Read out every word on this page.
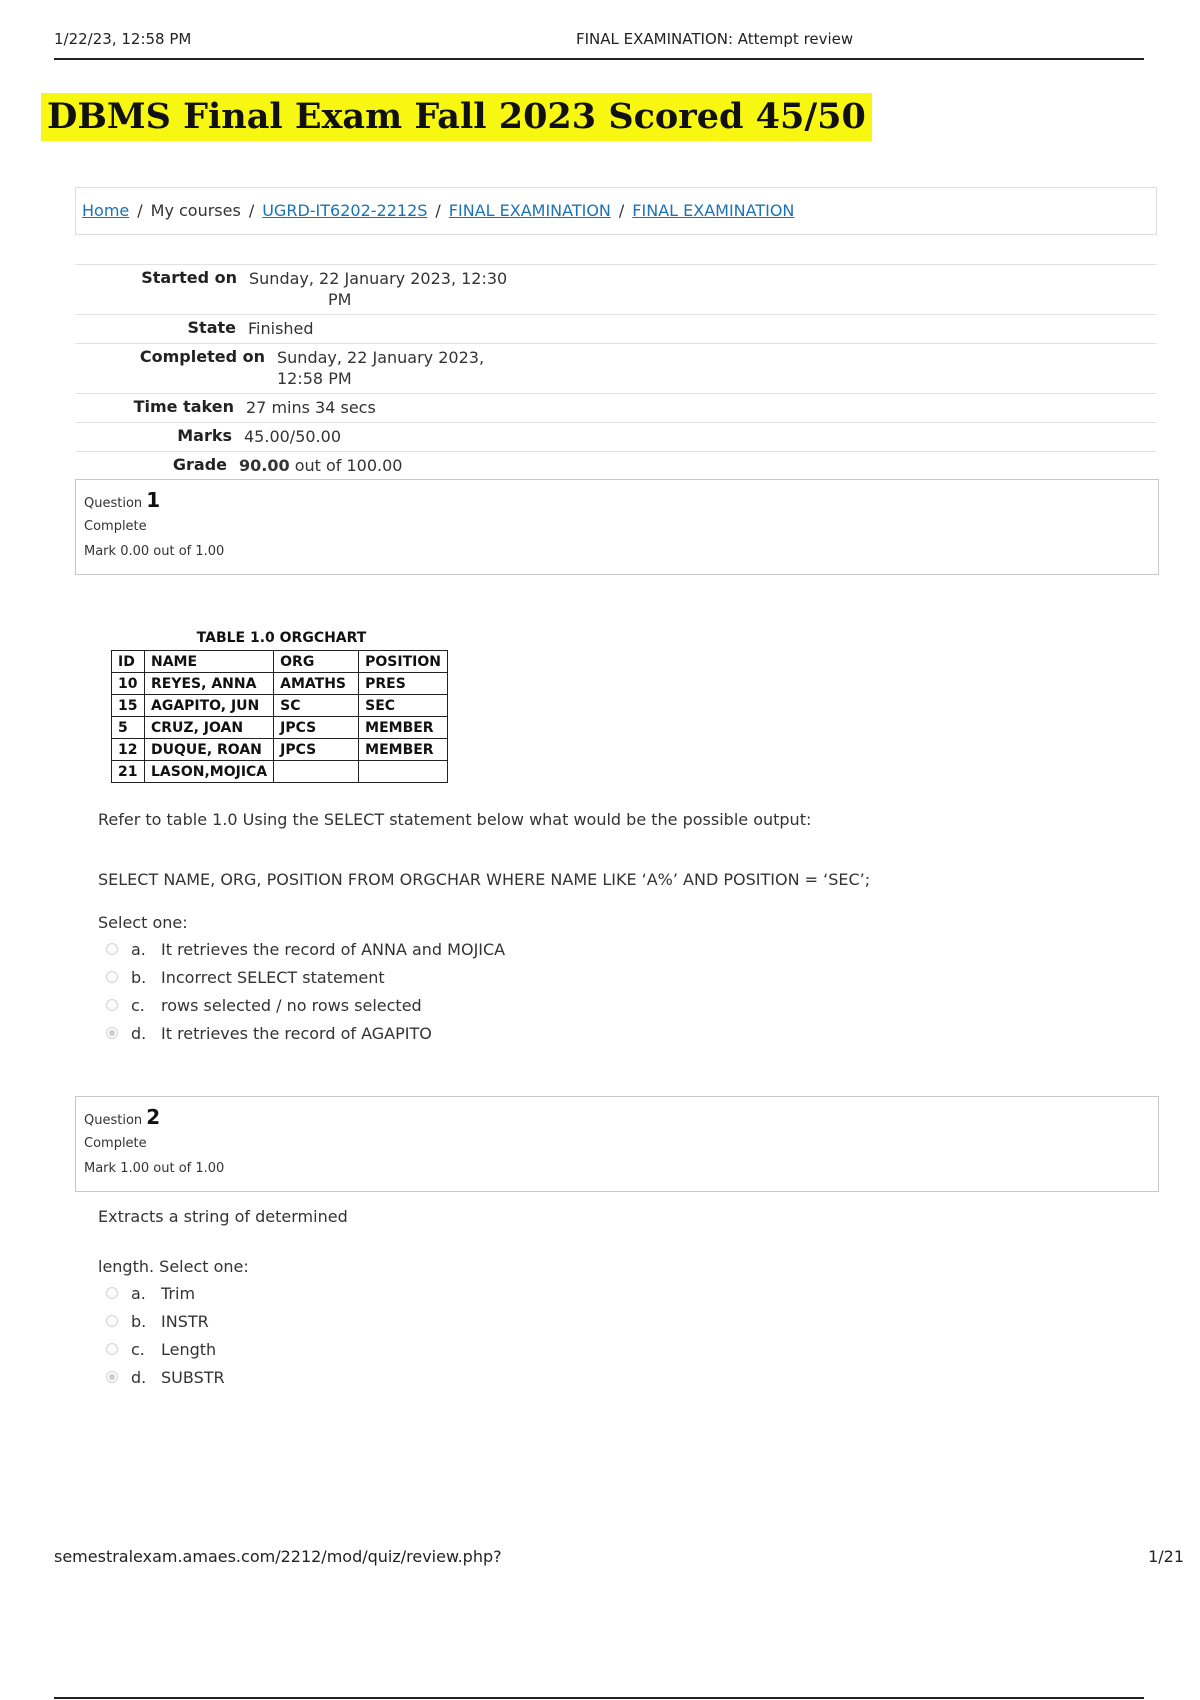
1/22/23, 12:58 PM	FINAL EXAMINATION: Attempt review
DBMS Final Exam Fall 2023 Scored 45/50
Home / My courses / UGRD-IT6202-2212S / FINAL EXAMINATION / FINAL EXAMINATION
Started on Sunday, 22 January 2023, 12:30
PM
State Finished
Completed on Sunday, 22 January 2023,
12:58 PM
Time taken 27 mins 34 secs
Marks 45.00/50.00
Grade 90.00 out of 100.00
Question 1
Complete
Mark 0.00 out of 1.00
TABLE 1.0 ORGCHART
ID	NAME	ORG	POSITION
10	REYES, ANNA	AMATHS	PRES
15	AGAPITO, JUN	SC	SEC
5	CRUZ, JOAN	JPCS	MEMBER
12	DUQUE, ROAN	JPCS	MEMBER
21	LASON,MOJICA		
Refer to table 1.0 Using the SELECT statement below what would be the possible output:
SELECT NAME, ORG, POSITION FROM ORGCHAR WHERE NAME LIKE ‘A%’ AND POSITION = ‘SEC’;
Select one:
a. It retrieves the record of ANNA and MOJICA
b. Incorrect SELECT statement
c.	rows selected / no rows selected
d. It retrieves the record of AGAPITO
Question 2
Complete
Mark 1.00 out of 1.00
Extracts a string of determined
length. Select one:
a. Trim
b. INSTR
c.	Length
d. SUBSTR
semestralexam.amaes.com/2212/mod/quiz/review.php?	1/21
